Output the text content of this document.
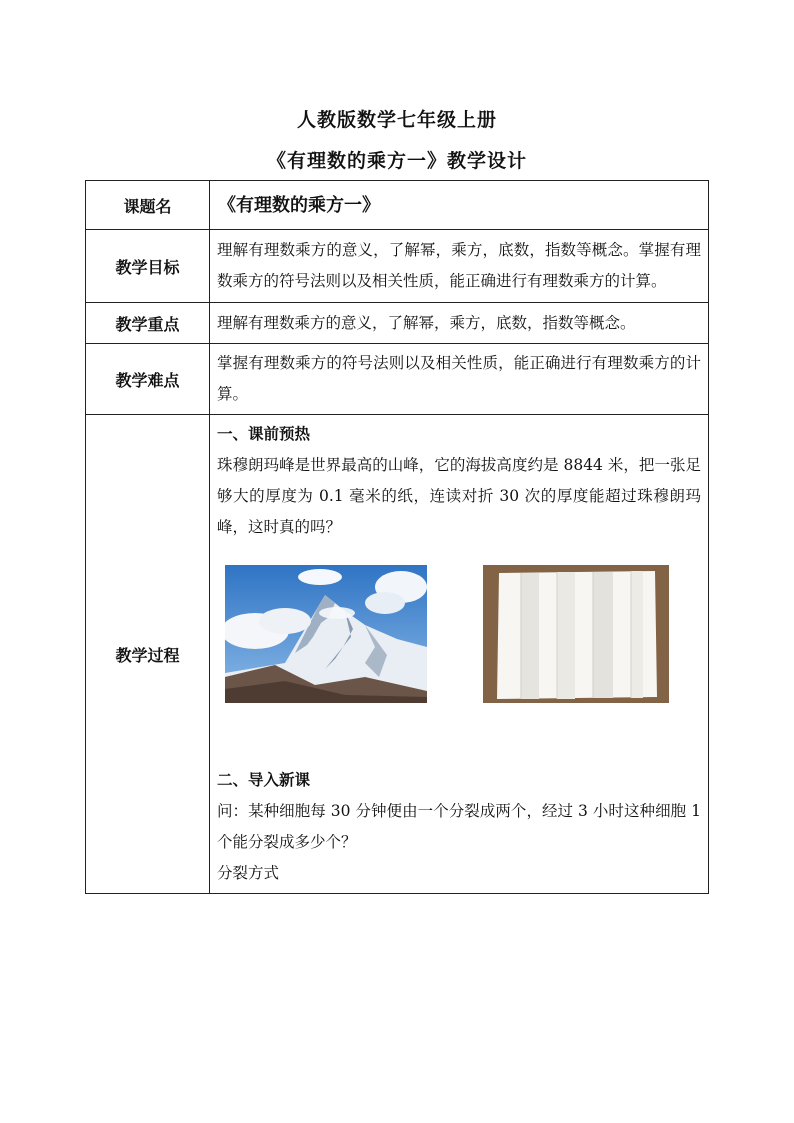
人教版数学七年级上册
《有理数的乘方一》教学设计
课题名	《有理数的乘方一》
教学目标	理解有理数乘方的意义，了解幂，乘方，底数，指数等概念。掌握有理数乘方的符号法则以及相关性质，能正确进行有理数乘方的计算。
教学重点	理解有理数乘方的意义，了解幂，乘方，底数，指数等概念。
教学难点	掌握有理数乘方的符号法则以及相关性质，能正确进行有理数乘方的计算。
教学过程	一、课前预热
珠穆朗玛峰是世界最高的山峰，它的海拔高度约是 8844 米，把一张足够大的厚度为 0.1 毫米的纸，连读对折 30 次的厚度能超过珠穆朗玛峰，这时真的吗？
二、导入新课
问：某种细胞每 30 分钟便由一个分裂成两个，经过 3 小时这种细胞 1 个能分裂成多少个？
分裂方式
